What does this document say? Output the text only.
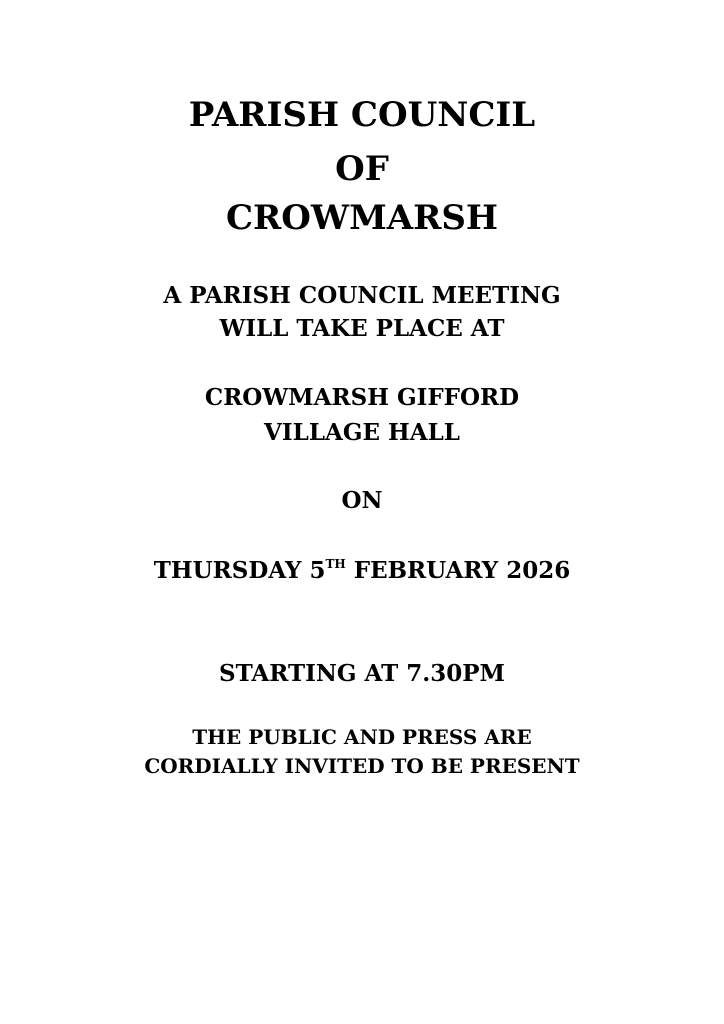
PARISH COUNCIL
OF
CROWMARSH
A PARISH COUNCIL MEETING
WILL TAKE PLACE AT
CROWMARSH GIFFORD
VILLAGE HALL
ON
THURSDAY 5TH FEBRUARY 2026
STARTING AT 7.30PM
THE PUBLIC AND PRESS ARE
CORDIALLY INVITED TO BE PRESENT
